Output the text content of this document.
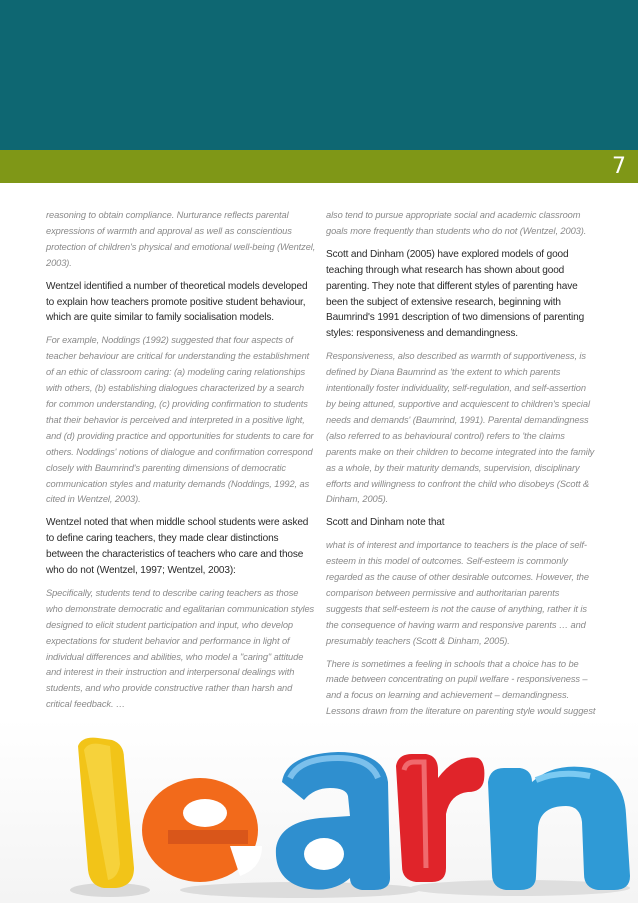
7

reasoning to obtain compliance. Nurturance reflects parental expressions of warmth and approval as well as conscientious protection of children's physical and emotional well-being (Wentzel, 2003).

Wentzel identified a number of theoretical models developed to explain how teachers promote positive student behaviour, which are quite similar to family socialisation models.

For example, Noddings (1992) suggested that four aspects of teacher behaviour are critical for understanding the establishment of an ethic of classroom caring: (a) modeling caring relationships with others, (b) establishing dialogues characterized by a search for common understanding, (c) providing confirmation to students that their behavior is perceived and interpreted in a positive light, and (d) providing practice and opportunities for students to care for others. Noddings' notions of dialogue and confirmation correspond closely with Baumrind's parenting dimensions of democratic communication styles and maturity demands (Noddings, 1992, as cited in Wentzel, 2003).

Wentzel noted that when middle school students were asked to define caring teachers, they made clear distinctions between the characteristics of teachers who care and those who do not (Wentzel, 1997; Wentzel, 2003):

Specifically, students tend to describe caring teachers as those who demonstrate democratic and egalitarian communication styles designed to elicit student participation and input, who develop expectations for student behavior and performance in light of individual differences and abilities, who model a "caring" attitude and interest in their instruction and interpersonal dealings with students, and who provide constructive rather than harsh and critical feedback. …

also tend to pursue appropriate social and academic classroom goals more frequently than students who do not (Wentzel, 2003).

Scott and Dinham (2005) have explored models of good teaching through what research has shown about good parenting. They note that different styles of parenting have been the subject of extensive research, beginning with Baumrind's 1991 description of two dimensions of parenting styles: responsiveness and demandingness.

Responsiveness, also described as warmth of supportiveness, is defined by Diana Baumrind as 'the extent to which parents intentionally foster individuality, self-regulation, and self-assertion by being attuned, supportive and acquiescent to children's special needs and demands' (Baumrind, 1991). Parental demandingness (also referred to as behavioural control) refers to 'the claims parents make on their children to become integrated into the family as a whole, by their maturity demands, supervision, disciplinary efforts and willingness to confront the child who disobeys (Scott & Dinham, 2005).

Scott and Dinham note that

what is of interest and importance to teachers is the place of self-esteem in this model of outcomes. Self-esteem is commonly regarded as the cause of other desirable outcomes. However, the comparison between permissive and authoritarian parents suggests that self-esteem is not the cause of anything, rather it is the consequence of having warm and responsive parents … and presumably teachers (Scott & Dinham, 2005).

There is sometimes a feeling in schools that a choice has to be made between concentrating on pupil welfare - responsiveness – and a focus on learning and achievement – demandingness. Lessons drawn from the literature on parenting style would suggest
